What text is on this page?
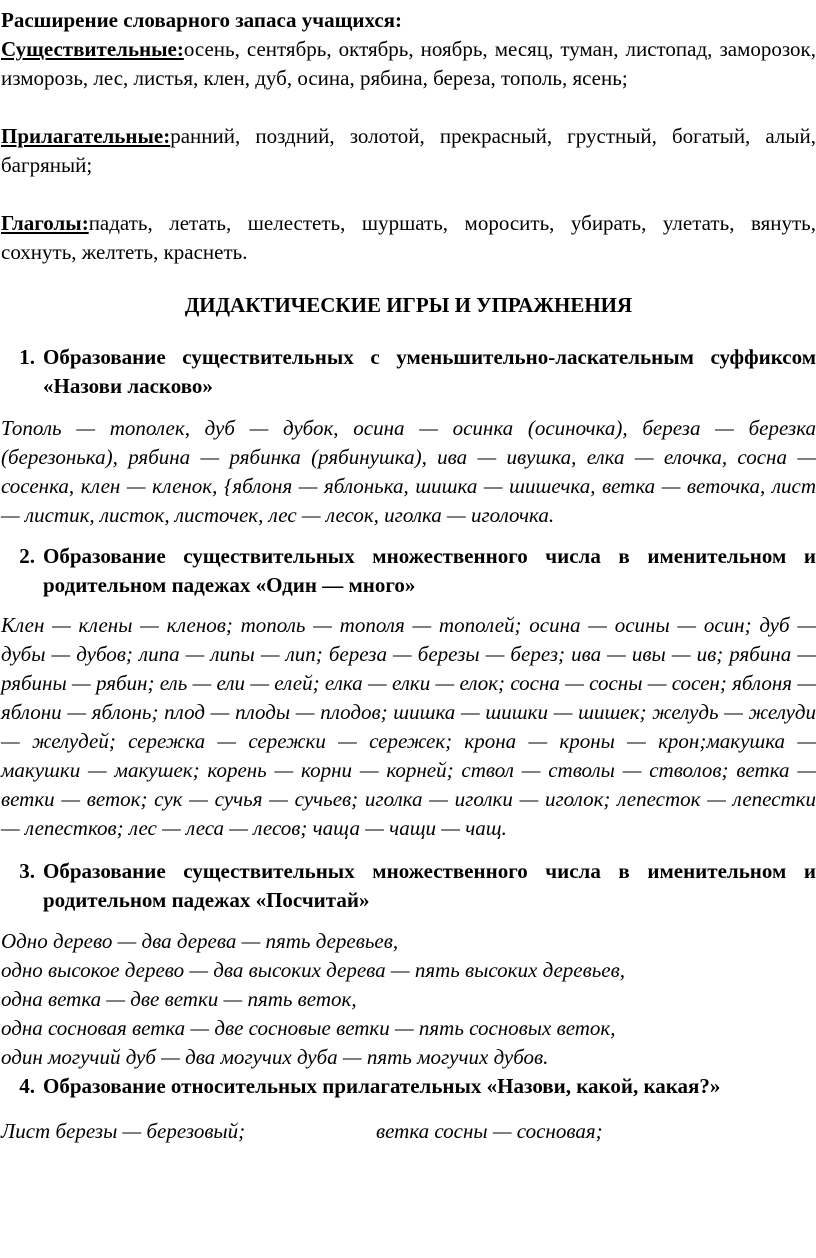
Расширение словарного запаса учащихся:

Существительные:осень, сентябрь, октябрь, ноябрь, месяц, туман, листопад, заморозок, изморозь, лес, листья, клен, дуб, осина, рябина, береза, тополь, ясень;

Прилагательные:ранний, поздний, золотой, прекрасный, грустный, богатый, алый, багряный;

Глаголы:падать, летать, шелестеть, шуршать, моросить, убирать, улетать, вянуть, сохнуть, желтеть, краснеть.

ДИДАКТИЧЕСКИЕ ИГРЫ И УПРАЖНЕНИЯ

1. Образование существительных с уменьшительно-ласкательным суффиксом «Назови ласково»

Тополь — тополек, дуб — дубок, осина — осинка (осиночка), береза — березка (березонька), рябина — рябинка (рябинушка), ива — ивушка, елка — елочка, сосна — сосенка, клен — кленок, {яблоня — яблонька, шишка — шишечка, ветка — веточка, лист — листик, листок, листочек, лес — лесок, иголка — иголочка.

2. Образование существительных множественного числа в именительном и родительном падежах «Один — много»

Клен — клены — кленов; тополь — тополя — тополей; осина — осины — осин; дуб — дубы — дубов; липа — липы — лип; береза — березы — берез; ива — ивы — ив; рябина — рябины — рябин; ель — ели — елей; елка — елки — елок; сосна — сосны — сосен; яблоня — яблони — яблонь; плод — плоды — плодов; шишка — шишки — шишек; желудь — желуди — желудей; сережка — сережки — сережек; крона — кроны — крон;макушка — макушки — макушек; корень — корни — корней; ствол — стволы — стволов; ветка — ветки — веток; сук — сучья — сучьев; иголка — иголки — иголок; лепесток — лепестки — лепестков; лес — леса — лесов; чаща — чащи — чащ.

3. Образование существительных множественного числа в именительном и родительном падежах «Посчитай»

Одно дерево — два дерева — пять деревьев,

одно высокое дерево — два высоких дерева — пять высоких деревьев,

одна ветка — две ветки — пять веток,

одна сосновая ветка — две сосновые ветки — пять сосновых веток,

один могучий дуб — два могучих дуба — пять могучих дубов.

4. Образование относительных прилагательных «Назови, какой, какая?»
Лист березы — березовый;	ветка сосны — сосновая;
